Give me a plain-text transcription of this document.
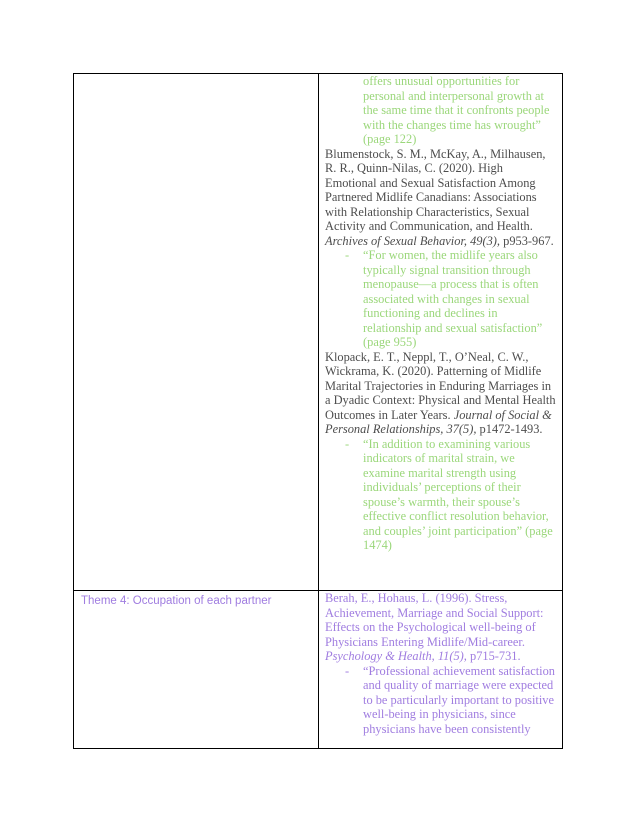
offers unusual opportunities for personal and interpersonal growth at the same time that it confronts people with the changes time has wrought” (page 122)

Blumenstock, S. M., McKay, A., Milhausen, R. R., Quinn-Nilas, C. (2020). High Emotional and Sexual Satisfaction Among Partnered Midlife Canadians: Associations with Relationship Characteristics, Sexual Activity and Communication, and Health. Archives of Sexual Behavior, 49(3), p953-967.

- “For women, the midlife years also typically signal transition through menopause—a process that is often associated with changes in sexual functioning and declines in relationship and sexual satisfaction” (page 955)

Klopack, E. T., Neppl, T., O’Neal, C. W., Wickrama, K. (2020). Patterning of Midlife Marital Trajectories in Enduring Marriages in a Dyadic Context: Physical and Mental Health Outcomes in Later Years. Journal of Social & Personal Relationships, 37(5), p1472-1493.

- “In addition to examining various indicators of marital strain, we examine marital strength using individuals’ perceptions of their spouse’s warmth, their spouse’s effective conflict resolution behavior, and couples’ joint participation” (page 1474)

Theme 4: Occupation of each partner	Berah, E., Hohaus, L. (1996). Stress, Achievement, Marriage and Social Support: Effects on the Psychological well-being of Physicians Entering Midlife/Mid-career. Psychology & Health, 11(5), p715-731.

- “Professional achievement satisfaction and quality of marriage were expected to be particularly important to positive well-being in physicians, since physicians have been consistently
